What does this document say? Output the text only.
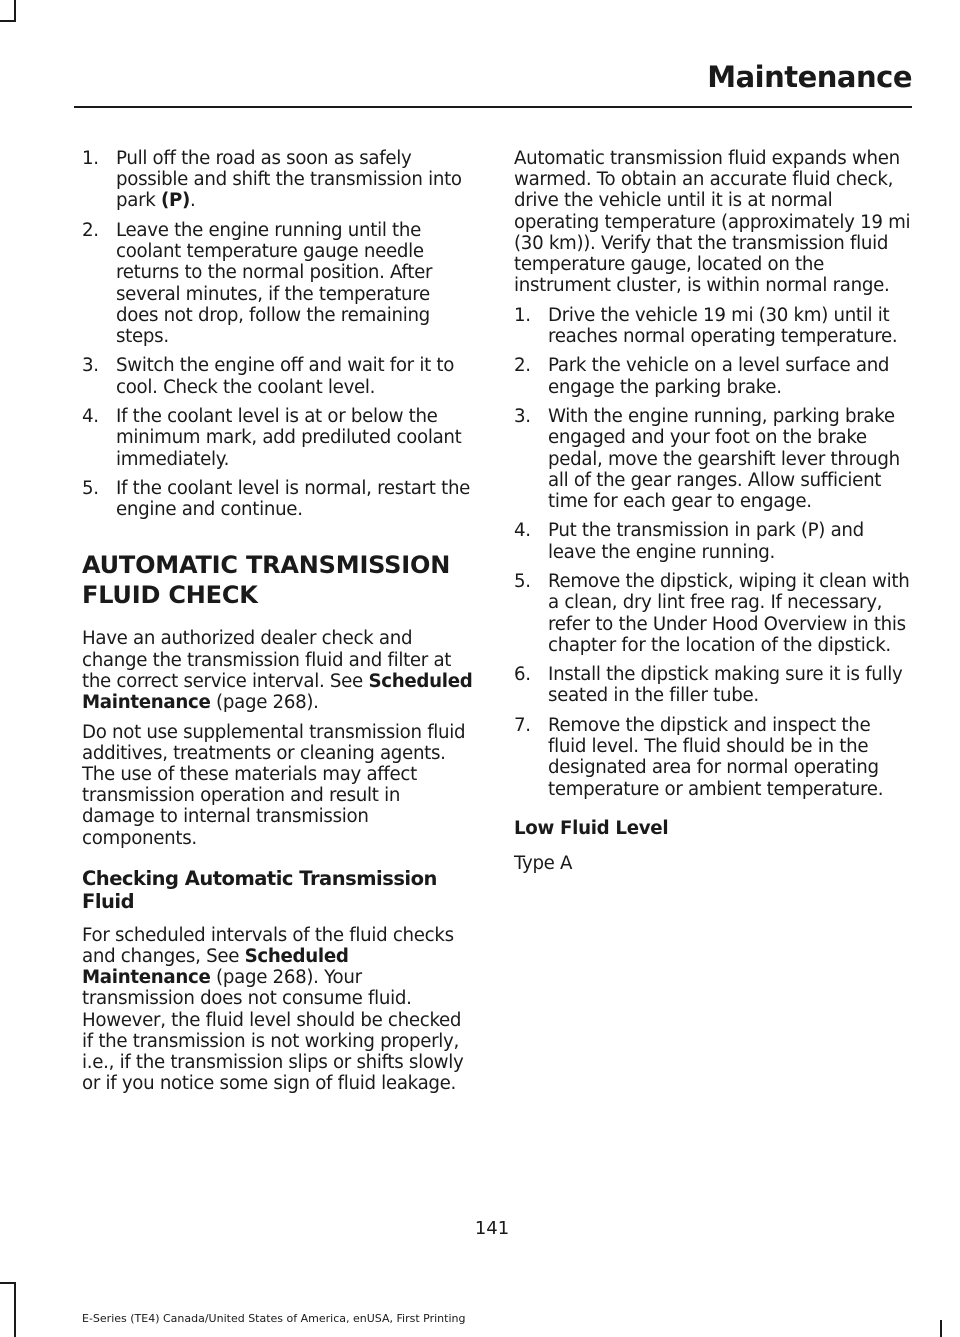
Maintenance
1. Pull off the road as soon as safely possible and shift the transmission into park (P).
2. Leave the engine running until the coolant temperature gauge needle returns to the normal position. After several minutes, if the temperature does not drop, follow the remaining steps.
3. Switch the engine off and wait for it to cool. Check the coolant level.
4. If the coolant level is at or below the minimum mark, add prediluted coolant immediately.
5. If the coolant level is normal, restart the engine and continue.
AUTOMATIC TRANSMISSION
FLUID CHECK

Have an authorized dealer check and change the transmission fluid and filter at the correct service interval. See Scheduled Maintenance (page 268).

Do not use supplemental transmission fluid additives, treatments or cleaning agents. The use of these materials may affect transmission operation and result in damage to internal transmission components.

Checking Automatic Transmission Fluid

For scheduled intervals of the fluid checks and changes, See Scheduled Maintenance (page 268). Your transmission does not consume fluid. However, the fluid level should be checked if the transmission is not working properly, i.e., if the transmission slips or shifts slowly or if you notice some sign of fluid leakage.

Automatic transmission fluid expands when warmed. To obtain an accurate fluid check, drive the vehicle until it is at normal operating temperature (approximately 19 mi (30 km)). Verify that the transmission fluid temperature gauge, located on the instrument cluster, is within normal range.

1. Drive the vehicle 19 mi (30 km) until it reaches normal operating temperature.
2. Park the vehicle on a level surface and engage the parking brake.
3. With the engine running, parking brake engaged and your foot on the brake pedal, move the gearshift lever through all of the gear ranges. Allow sufficient time for each gear to engage.
4. Put the transmission in park (P) and leave the engine running.
5. Remove the dipstick, wiping it clean with a clean, dry lint free rag. If necessary, refer to the Under Hood Overview in this chapter for the location of the dipstick.
6. Install the dipstick making sure it is fully seated in the filler tube.
7. Remove the dipstick and inspect the fluid level. The fluid should be in the designated area for normal operating temperature or ambient temperature.
Low Fluid Level

Type A

141
E-Series (TE4) Canada/United States of America, enUSA, First Printing
